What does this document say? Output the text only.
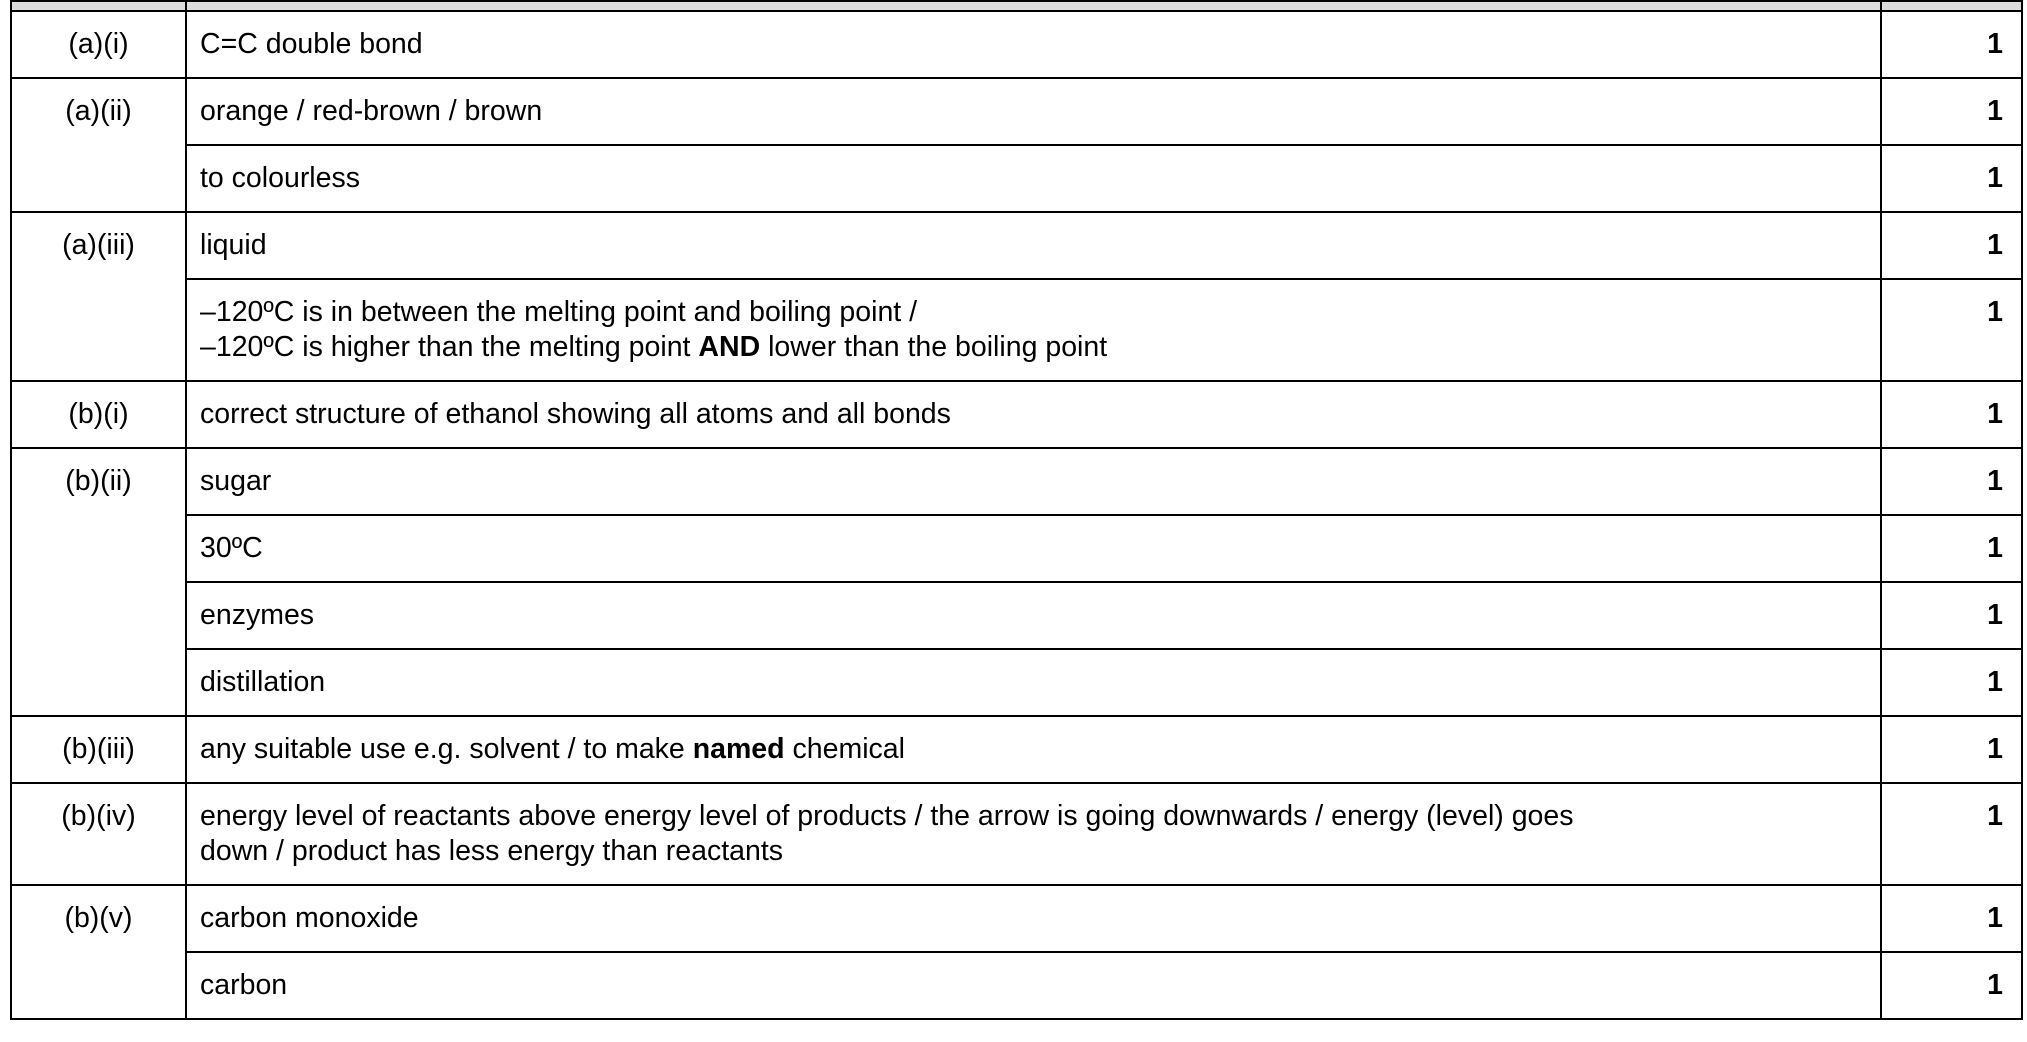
(a)(i)	C=C double bond	1
(a)(ii)	orange / red-brown / brown	1
	to colourless	1
(a)(iii)	liquid	1

	–120ºC is in between the melting point and boiling point /
–120ºC is higher than the melting point AND lower than the boiling point	1
(b)(i)	correct structure of ethanol showing all atoms and all bonds	1
(b)(ii)	sugar	1
	30ºC	1
	enzymes	1
	distillation	1
(b)(iii)	any suitable use e.g. solvent / to make named chemical	1
(b)(iv)	energy level of reactants above energy level of products / the arrow is going downwards / energy (level) goes
down / product has less energy than reactants	1
(b)(v)	carbon monoxide	1
	carbon	1
